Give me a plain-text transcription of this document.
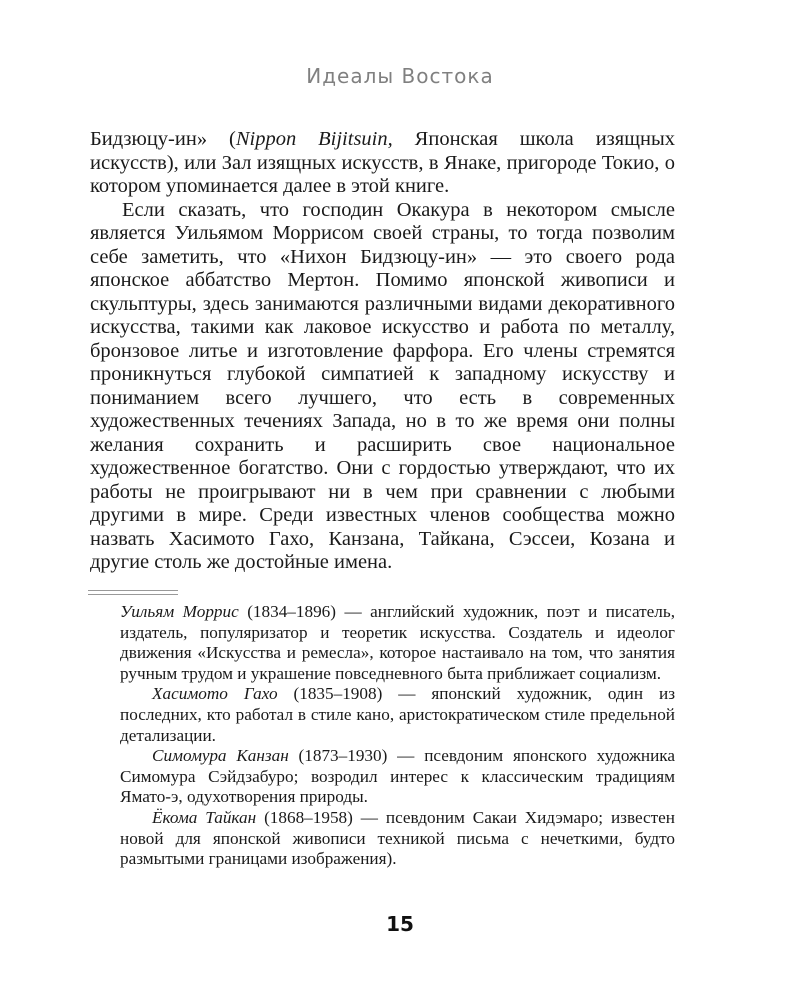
Идеалы Востока

Бидзюцу-ин» (Nippon Bijitsuin, Японская школа изящных искусств), или Зал изящных искусств, в Янаке, пригороде Токио, о котором упоминается далее в этой книге.

Если сказать, что господин Окакура в некотором смысле является Уильямом Моррисом своей страны, то тогда позволим себе заметить, что «Нихон Бидзюцу-ин» — это своего рода японское аббатство Мертон. Помимо японской живописи и скульптуры, здесь занимаются различными видами декоративного искусства, такими как лаковое искусство и работа по металлу, бронзовое литье и изготовление фарфора. Его члены стремятся проникнуться глубокой симпатией к западному искусству и пониманием всего лучшего, что есть в современных художественных течениях Запада, но в то же время они полны желания сохранить и расширить свое национальное художественное богатство. Они с гордостью утверждают, что их работы не проигрывают ни в чем при сравнении с любыми другими в мире. Среди известных членов сообщества можно назвать Хасимото Гахо, Канзана, Тайкана, Сэссеи, Козана и другие столь же достойные имена.

Уильям Моррис (1834–1896) — английский художник, поэт и писатель, издатель, популяризатор и теоретик искусства. Создатель и идеолог движения «Искусства и ремесла», которое настаивало на том, что занятия ручным трудом и украшение повседневного быта приближает социализм.

Хасимото Гахо (1835–1908) — японский художник, один из последних, кто работал в стиле кано, аристократическом стиле предельной детализации.

Симомура Канзан (1873–1930) — псевдоним японского художника Симомура Сэйдзабуро; возродил интерес к классическим традициям Ямато-э, одухотворения природы.

Ёкома Тайкан (1868–1958) — псевдоним Сакаи Хидэмаро; известен новой для японской живописи техникой письма с нечеткими, будто размытыми границами изображения).

15
